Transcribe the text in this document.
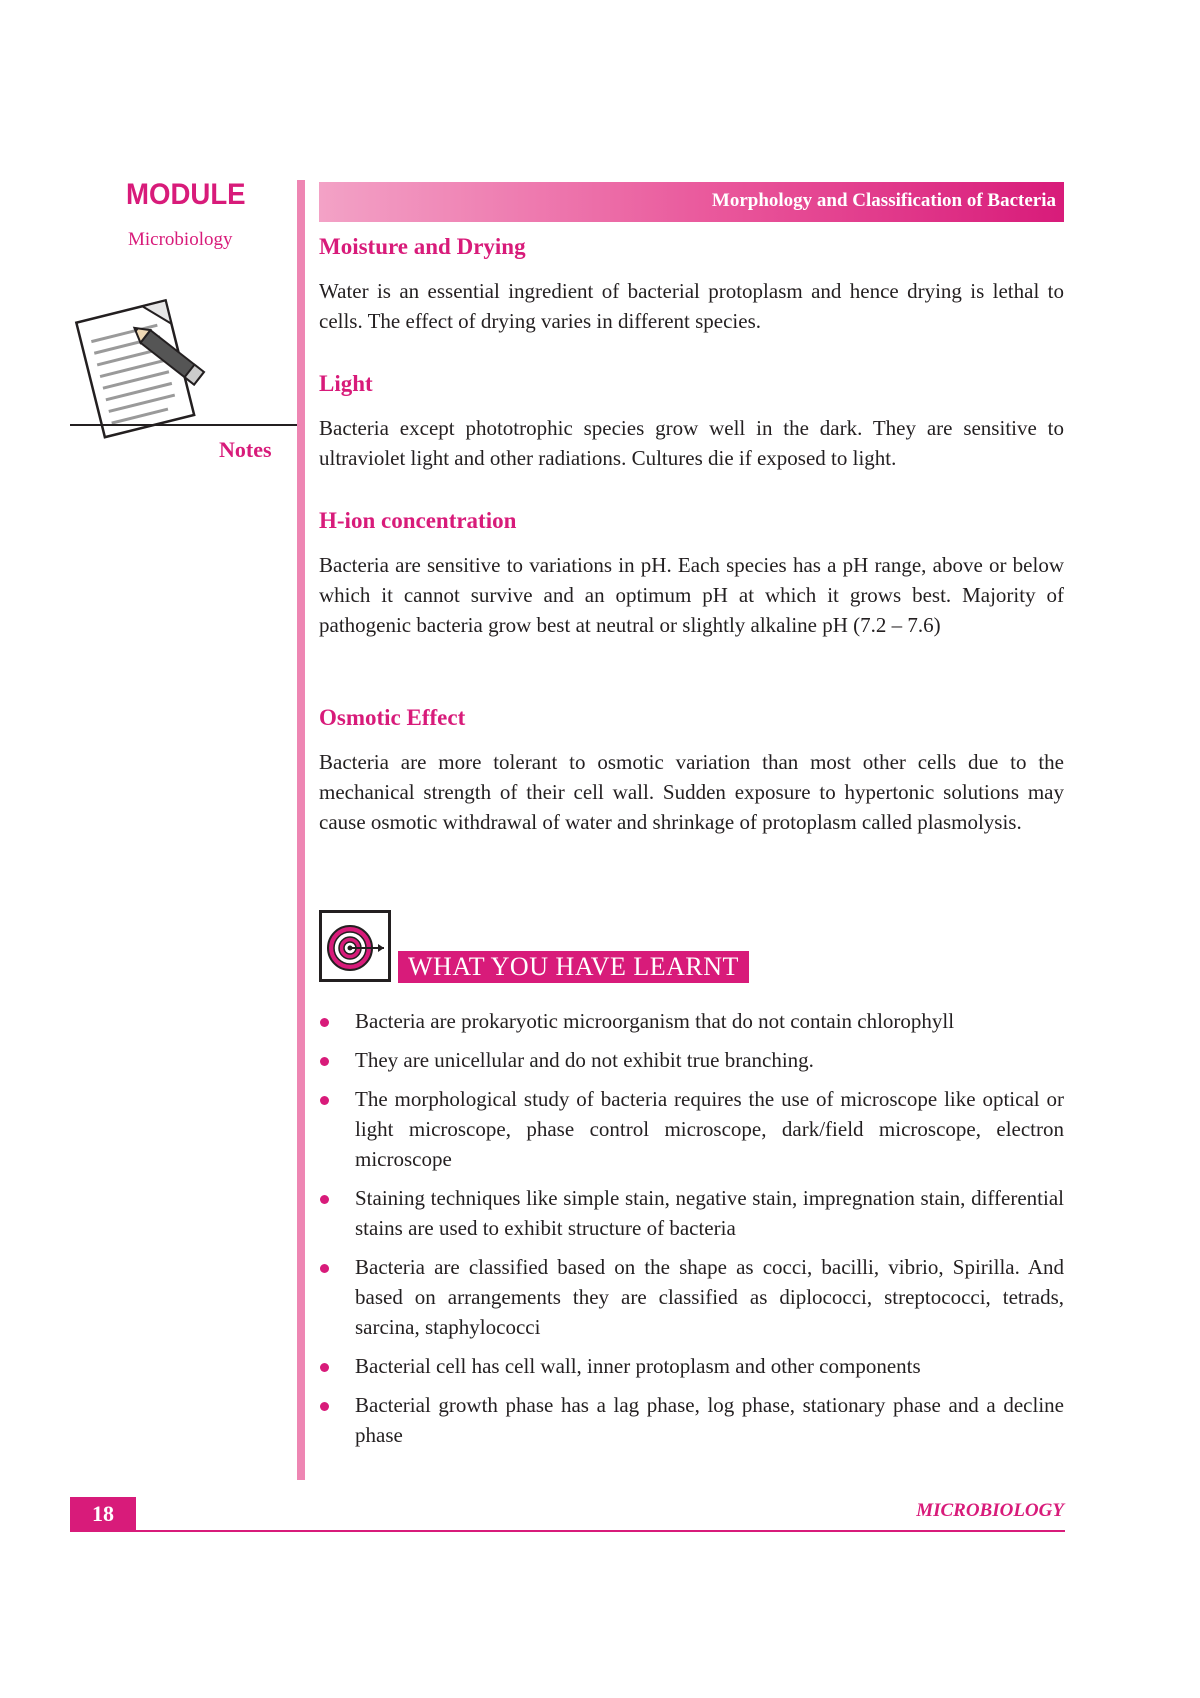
MODULE
Microbiology
Notes
Morphology and Classification of Bacteria
Moisture and Drying

Water is an essential ingredient of bacterial protoplasm and hence drying is lethal to cells. The effect of drying varies in different species.

Light

Bacteria except phototrophic species grow well in the dark. They are sensitive to ultraviolet light and other radiations. Cultures die if exposed to light.

H-ion concentration

Bacteria are sensitive to variations in pH. Each species has a pH range, above or below which it cannot survive and an optimum pH at which it grows best. Majority of pathogenic bacteria grow best at neutral or slightly alkaline pH (7.2 – 7.6)

Osmotic Effect

Bacteria are more tolerant to osmotic variation than most other cells due to the mechanical strength of their cell wall. Sudden exposure to hypertonic solutions may cause osmotic withdrawal of water and shrinkage of protoplasm called plasmolysis.

WHAT YOU HAVE LEARNT
Bacteria are prokaryotic microorganism that do not contain chlorophyll
They are unicellular and do not exhibit true branching.
The morphological study of bacteria requires the use of microscope like optical or light microscope, phase control microscope, dark/field microscope, electron microscope
Staining techniques like simple stain, negative stain, impregnation stain, differential stains are used to exhibit structure of bacteria
Bacteria are classified based on the shape as cocci, bacilli, vibrio, Spirilla. And based on arrangements they are classified as diplococci, streptococci, tetrads, sarcina, staphylococci
Bacterial cell has cell wall, inner protoplasm and other components
Bacterial growth phase has a lag phase, log phase, stationary phase and a decline phase
18	MICROBIOLOGY
